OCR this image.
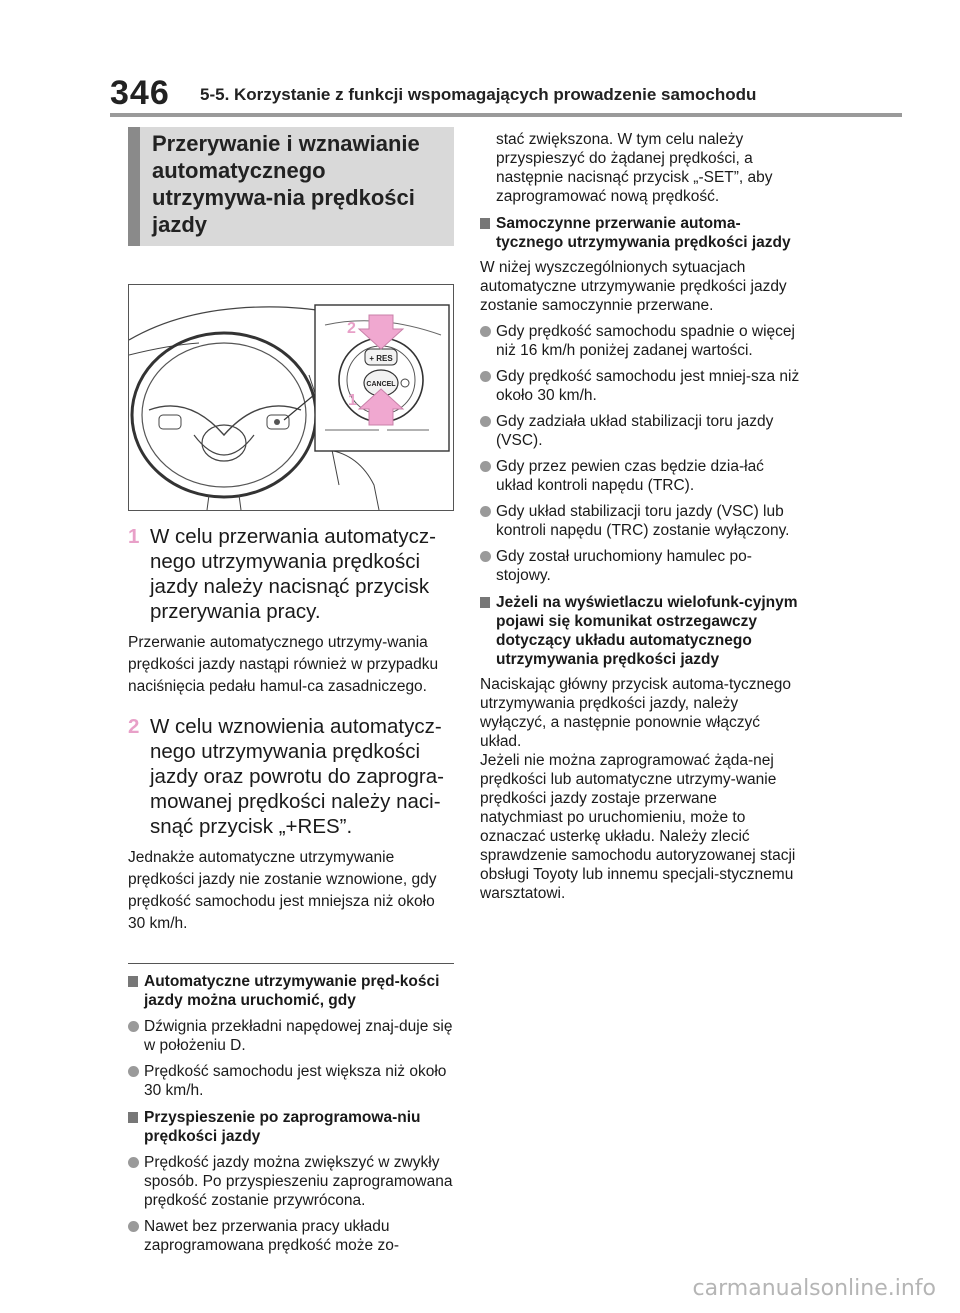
346 5-5. Korzystanie z funkcji wspomagających prowadzenie samochodu
Przerywanie i wznawianie automatycznego utrzymywa-nia prędkości jazdy
+ RES
CANCEL
2
1
1 W celu przerwania automatycz-nego utrzymywania prędkości jazdy należy nacisnąć przycisk przerywania pracy.
Przerwanie automatycznego utrzymy-wania prędkości jazdy nastąpi również w przypadku naciśnięcia pedału hamul-ca zasadniczego.
2 W celu wznowienia automatycz-nego utrzymywania prędkości jazdy oraz powrotu do zaprogra-mowanej prędkości należy naci-snąć przycisk „+RES”.
Jednakże automatyczne utrzymywanie prędkości jazdy nie zostanie wznowione, gdy prędkość samochodu jest mniejsza niż około 30 km/h.
Automatyczne utrzymywanie pręd-kości jazdy można uruchomić, gdy
Dźwignia przekładni napędowej znaj-duje się w położeniu D.
Prędkość samochodu jest większa niż około 30 km/h.
Przyspieszenie po zaprogramowa-niu prędkości jazdy
Prędkość jazdy można zwiększyć w zwykły sposób. Po przyspieszeniu zaprogramowana prędkość zostanie przywrócona.
Nawet bez przerwania pracy układu zaprogramowana prędkość może zo-
stać zwiększona. W tym celu należy przyspieszyć do żądanej prędkości, a następnie nacisnąć przycisk „-SET”, aby zaprogramować nową prędkość.
Samoczynne przerwanie automa-tycznego utrzymywania prędkości jazdy
W niżej wyszczególnionych sytuacjach automatyczne utrzymywanie prędkości jazdy zostanie samoczynnie przerwane.
Gdy prędkość samochodu spadnie o więcej niż 16 km/h poniżej zadanej wartości.
Gdy prędkość samochodu jest mniej-sza niż około 30 km/h.
Gdy zadziała układ stabilizacji toru jazdy (VSC).
Gdy przez pewien czas będzie dzia-łać układ kontroli napędu (TRC).
Gdy układ stabilizacji toru jazdy (VSC) lub kontroli napędu (TRC) zostanie wyłączony.
Gdy został uruchomiony hamulec po-stojowy.
Jeżeli na wyświetlaczu wielofunk-cyjnym pojawi się komunikat ostrzegawczy dotyczący układu automatycznego utrzymywania prędkości jazdy
Naciskając główny przycisk automa-tycznego utrzymywania prędkości jazdy, należy wyłączyć, a następnie ponownie włączyć układ.
Jeżeli nie można zaprogramować żąda-nej prędkości lub automatyczne utrzymy-wanie prędkości jazdy zostaje przerwane natychmiast po uruchomieniu, może to oznaczać usterkę układu. Należy zlecić sprawdzenie samochodu autoryzowanej stacji obsługi Toyoty lub innemu specjali-stycznemu warsztatowi.
carmanualsonline.info
